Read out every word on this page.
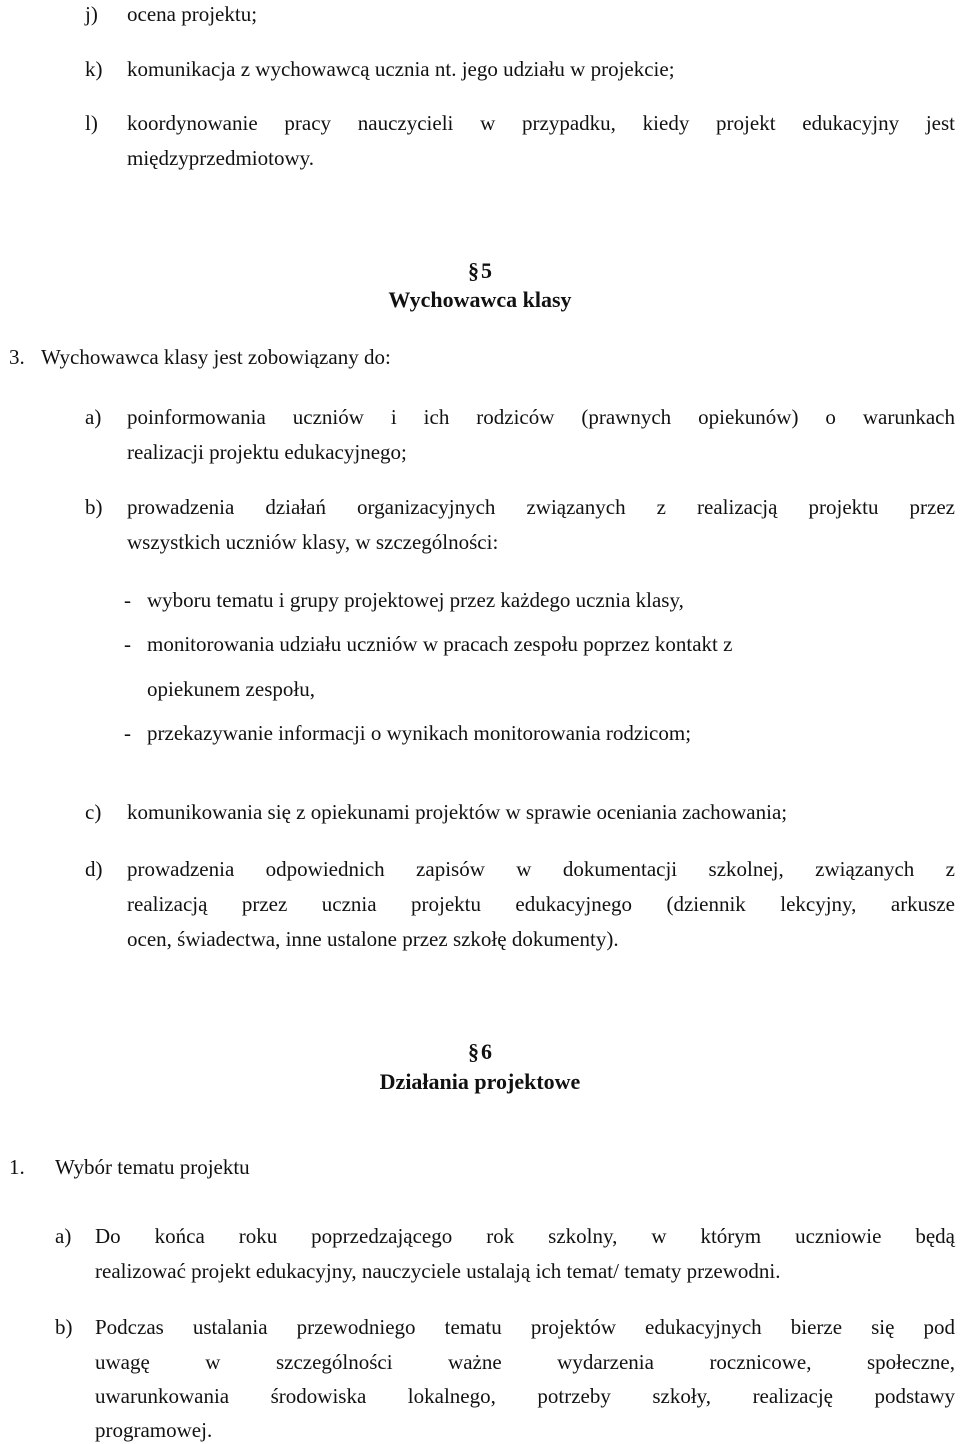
j) ocena projektu;
k) komunikacja z wychowawcą ucznia nt. jego udziału w projekcie;
l) koordynowanie pracy nauczycieli w przypadku, kiedy projekt edukacyjny jest
międzyprzedmiotowy.
§5
Wychowawca klasy
3. Wychowawca klasy jest zobowiązany do:
a) poinformowania uczniów i ich rodziców (prawnych opiekunów) o warunkach
realizacji projektu edukacyjnego;
b) prowadzenia działań organizacyjnych związanych z realizacją projektu przez
wszystkich uczniów klasy, w szczególności:
- wyboru tematu i grupy projektowej przez każdego ucznia klasy,
- monitorowania udziału uczniów w pracach zespołu poprzez kontakt z
opiekunem zespołu,
- przekazywanie informacji o wynikach monitorowania rodzicom;
c) komunikowania się z opiekunami projektów w sprawie oceniania zachowania;
d) prowadzenia odpowiednich zapisów w dokumentacji szkolnej, związanych z
realizacją przez ucznia projektu edukacyjnego (dziennik lekcyjny, arkusze
ocen, świadectwa, inne ustalone przez szkołę dokumenty).
§6
Działania projektowe
1. Wybór tematu projektu
a) Do końca roku poprzedzającego rok szkolny, w którym uczniowie będą
realizować projekt edukacyjny, nauczyciele ustalają ich temat/ tematy przewodni.
b) Podczas ustalania przewodniego tematu projektów edukacyjnych bierze się pod
uwagę w szczególności ważne wydarzenia rocznicowe, społeczne,
uwarunkowania środowiska lokalnego, potrzeby szkoły, realizację podstawy
programowej.
